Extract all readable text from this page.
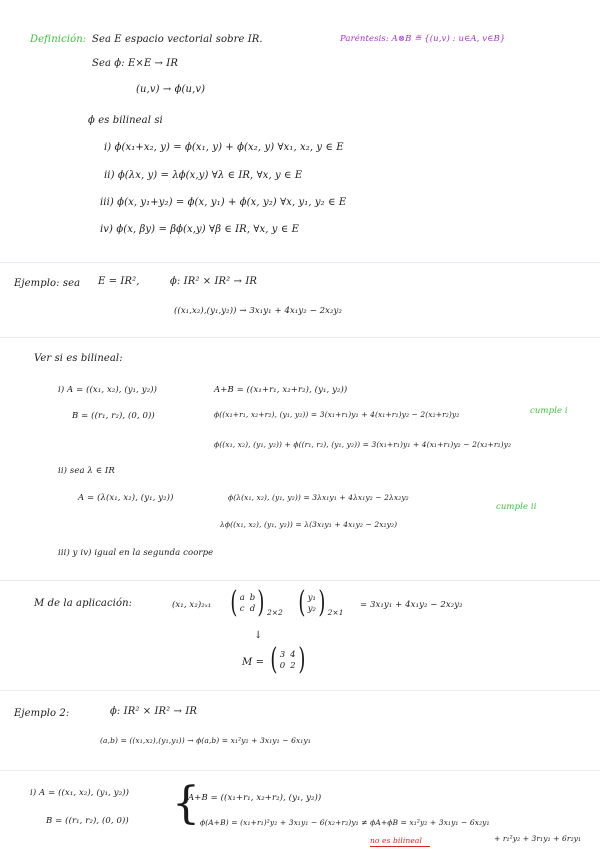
Definición: Sea E espacio vectorial sobre IR.	Paréntesis: A⊗B ≝ {(u,v) : u∈A, v∈B}
Sea ϕ: E×E → IR
(u,v) → ϕ(u,v)
ϕ es bilineal si
i) ϕ(x₁+x₂, y) = ϕ(x₁, y) + ϕ(x₂, y) ∀x₁, x₂, y ∈ E
ii) ϕ(λx, y) = λϕ(x,y) ∀λ ∈ IR, ∀x, y ∈ E
iii) ϕ(x, y₁+y₂) = ϕ(x, y₁) + ϕ(x, y₂) ∀x, y₁, y₂ ∈ E
iv) ϕ(x, βy) = βϕ(x,y) ∀β ∈ IR, ∀x, y ∈ E
Ejemplo: sea E = IR²,	ϕ: IR² × IR² → IR
((x₁,x₂),(y₁,y₂)) → 3x₁y₁ + 4x₁y₂ − 2x₂y₂
Ver si es bilineal:
i) A = ((x₁, x₂), (y₁, y₂))	A+B = ((x₁+r₁, x₂+r₂), (y₁, y₂))
B = ((r₁, r₂), (0, 0))	ϕ((x₁+r₁, x₂+r₂), (y₁, y₂)) = 3(x₁+r₁)y₁ + 4(x₁+r₁)y₂ − 2(x₂+r₂)y₂	cumple i
ϕ((x₁, x₂), (y₁, y₂)) + ϕ((r₁, r₂), (y₁, y₂)) = 3(x₁+r₁)y₁ + 4(x₁+r₁)y₂ − 2(x₂+r₂)y₂
ii) sea λ ∈ IR
A = (λ(x₁, x₂), (y₁, y₂))	ϕ(λ(x₁, x₂), (y₁, y₂)) = 3λx₁y₁ + 4λx₁y₂ − 2λx₂y₂
cumple ii
λϕ((x₁, x₂), (y₁, y₂)) = λ(3x₁y₁ + 4x₁y₂ − 2x₂y₂)
iii) y iv) igual en la segunda coorpe
M de la aplicación:	(x₁, x₂)₂ₓ₁ ( a b
c d ) 2×2 ( y₁
y₂ ) 2×1
= 3x₁y₁ + 4x₁y₂ − 2x₂y₂
↓
M = ( 3 4
0 2 )
Ejemplo 2:	ϕ: IR² × IR² → IR
(a,b) = ((x₁,x₂),(y₁,y₁)) → ϕ(a,b) = x₁²y₂ + 3x₁y₁ − 6x₁y₁
i) A = ((x₁, x₂), (y₁, y₂))
B = ((r₁, r₂), (0, 0)) {
A+B = ((x₁+r₁, x₂+r₂), (y₁, y₂))
ϕ(A+B) = (x₁+r₁)²y₂ + 3x₁y₁ − 6(x₂+r₂)y₁ ≠ ϕA+ϕB = x₁²y₂ + 3x₁y₁ − 6x₂y₁
+ r₁²y₂ + 3r₁y₁ + 6r₂y₁
no es bilineal
